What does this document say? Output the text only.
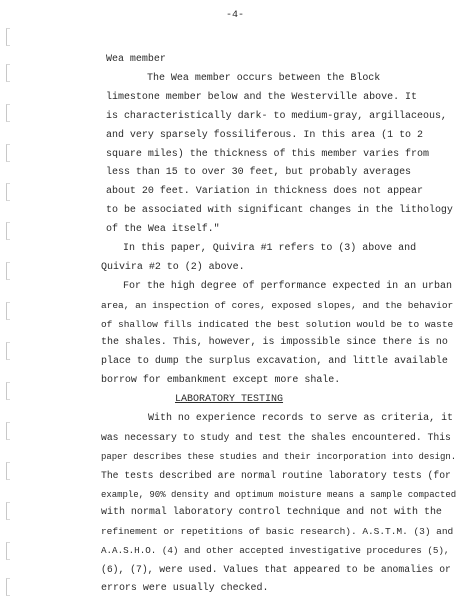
-4-
Wea member
The Wea member occurs between the Block
limestone member below and the Westerville above. It
is characteristically dark- to medium-gray, argillaceous,
and very sparsely fossiliferous. In this area (1 to 2
square miles) the thickness of this member varies from
less than 15 to over 30 feet, but probably averages
about 20 feet. Variation in thickness does not appear
to be associated with significant changes in the lithology
of the Wea itself."
In this paper, Quivira #1 refers to (3) above and
Quivira #2 to (2) above.
For the high degree of performance expected in an urban
area, an inspection of cores, exposed slopes, and the behavior
of shallow fills indicated the best solution would be to waste
the shales. This, however, is impossible since there is no
place to dump the surplus excavation, and little available
borrow for embankment except more shale.
LABORATORY TESTING
With no experience records to serve as criteria, it
was necessary to study and test the shales encountered. This
paper describes these studies and their incorporation into design.
The tests described are normal routine laboratory tests (for
example, 90% density and optimum moisture means a sample compacted
with normal laboratory control technique and not with the
refinement or repetitions of basic research). A.S.T.M. (3) and
A.A.S.H.O. (4) and other accepted investigative procedures (5),
(6), (7), were used. Values that appeared to be anomalies or
errors were usually checked.
